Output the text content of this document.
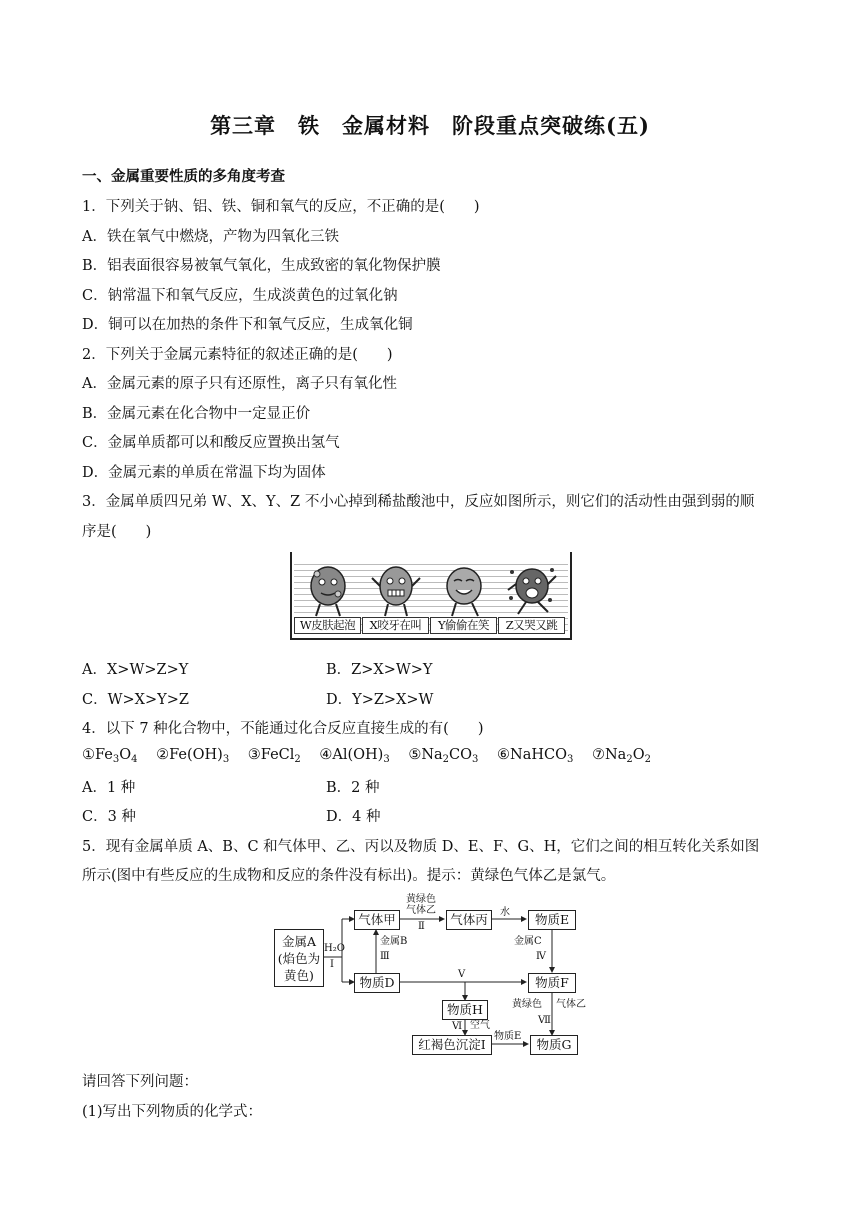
第三章　铁　金属材料　阶段重点突破练(五)
一、金属重要性质的多角度考查
1．下列关于钠、铝、铁、铜和氧气的反应，不正确的是(　　)
A．铁在氧气中燃烧，产物为四氧化三铁
B．铝表面很容易被氧气氧化，生成致密的氧化物保护膜
C．钠常温下和氧气反应，生成淡黄色的过氧化钠
D．铜可以在加热的条件下和氧气反应，生成氧化铜
2．下列关于金属元素特征的叙述正确的是(　　)
A．金属元素的原子只有还原性，离子只有氧化性
B．金属元素在化合物中一定显正价
C．金属单质都可以和酸反应置换出氢气
D．金属元素的单质在常温下均为固体
3．金属单质四兄弟 W、X、Y、Z 不小心掉到稀盐酸池中，反应如图所示，则它们的活动性由强到弱的顺
序是(　　)
W皮肤起泡	X咬牙在叫	Y偷偷在笑	Z又哭又跳
A．X>W>Z>Y	B．Z>X>W>Y
C．W>X>Y>Z	D．Y>Z>X>W
4．以下 7 种化合物中，不能通过化合反应直接生成的有(　　)
$①Fe_3O_4$ $②Fe(OH)_3$ ③FeCl$_2$ $④Al(OH)_3$ $⑤Na_2CO_3$ ⑥NaHCO$_3$ $⑦Na_2O_2$
A．1 种	B．2 种
C．3 种	D．4 种
5．现有金属单质 A、B、C 和气体甲、乙、丙以及物质 D、E、F、G、H，它们之间的相互转化关系如图
所示(图中有些反应的生成物和反应的条件没有标出)。提示：黄绿色气体乙是氯气。
金属A
(焰色为
黄色)
气体甲	气体丙	物质E
物质D	物质F
物质H
红褐色沉淀I	物质G
H₂O
Ⅰ
黄绿色
气体乙
Ⅱ
水
金属B
Ⅲ
金属C
Ⅳ
Ⅴ
空气
Ⅵ
黄绿色 气体乙
Ⅶ
物质E
请回答下列问题：
(1)写出下列物质的化学式：
